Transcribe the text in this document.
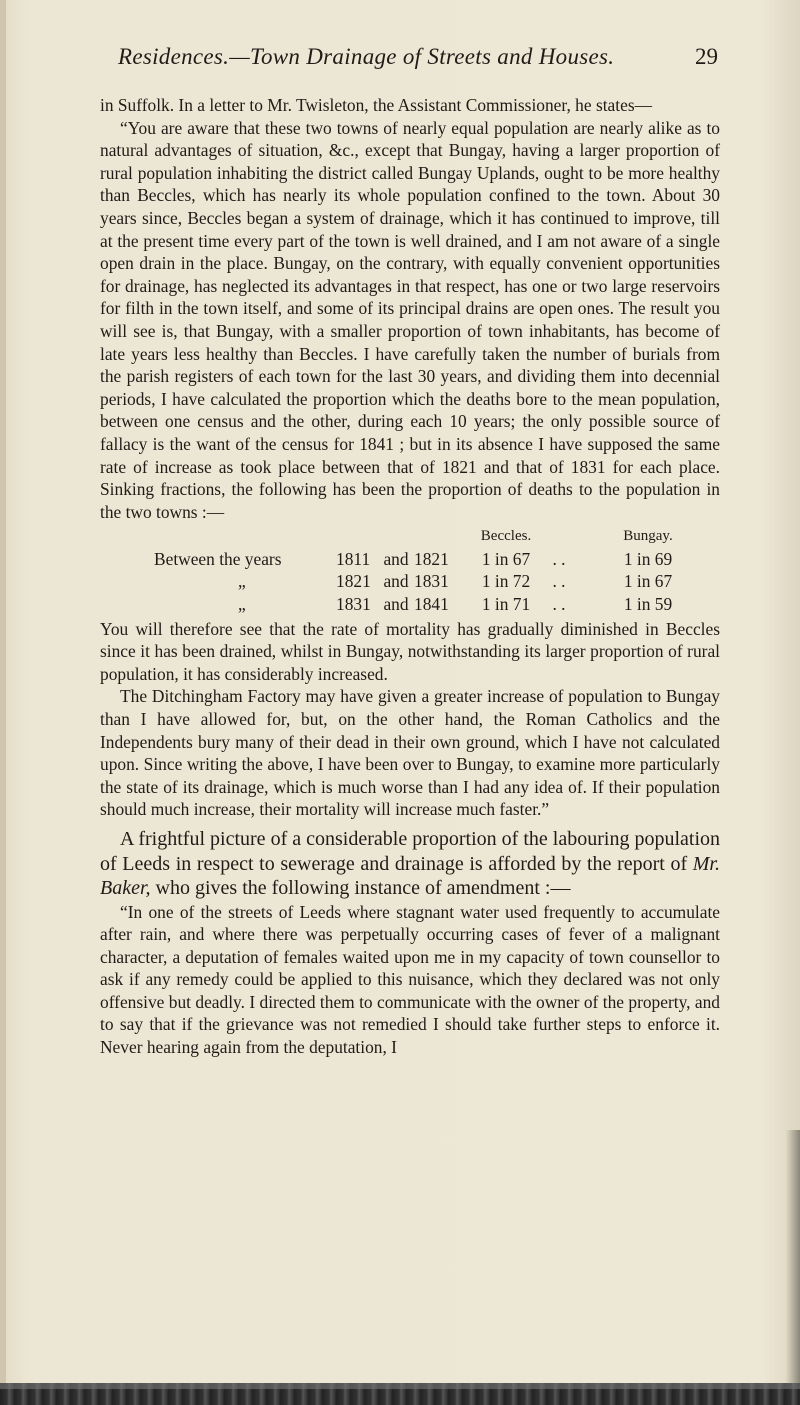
Residences.—Town Drainage of Streets and Houses.	29

in Suffolk. In a letter to Mr. Twisleton, the Assistant Commissioner, he states—

“You are aware that these two towns of nearly equal population are nearly alike as to natural advantages of situation, &c., except that Bungay, having a larger proportion of rural population inhabiting the district called Bungay Uplands, ought to be more healthy than Beccles, which has nearly its whole population confined to the town. About 30 years since, Beccles began a system of drainage, which it has continued to improve, till at the present time every part of the town is well drained, and I am not aware of a single open drain in the place. Bungay, on the contrary, with equally convenient opportunities for drainage, has neglected its advantages in that respect, has one or two large reservoirs for filth in the town itself, and some of its principal drains are open ones. The result you will see is, that Bungay, with a smaller proportion of town inhabitants, has become of late years less healthy than Beccles. I have carefully taken the number of burials from the parish registers of each town for the last 30 years, and dividing them into decennial periods, I have calculated the proportion which the deaths bore to the mean population, between one census and the other, during each 10 years; the only possible source of fallacy is the want of the census for 1841 ; but in its absence I have supposed the same rate of increase as took place between that of 1821 and that of 1831 for each place. Sinking fractions, the following has been the proportion of deaths to the population in the two towns :—

					Beccles.		Bungay.
Between the years	1811	and	1821		1 in 67	. .	1 in 69
„	1821	and	1831		1 in 72	. .	1 in 67
„	1831	and	1841		1 in 71	. .	1 in 59

You will therefore see that the rate of mortality has gradually diminished in Beccles since it has been drained, whilst in Bungay, notwithstanding its larger proportion of rural population, it has considerably increased.

The Ditchingham Factory may have given a greater increase of population to Bungay than I have allowed for, but, on the other hand, the Roman Catholics and the Independents bury many of their dead in their own ground, which I have not calculated upon. Since writing the above, I have been over to Bungay, to examine more particularly the state of its drainage, which is much worse than I had any idea of. If their population should much increase, their mortality will increase much faster.”

A frightful picture of a considerable proportion of the labouring population of Leeds in respect to sewerage and drainage is afforded by the report of Mr. Baker, who gives the following instance of amendment :—

“In one of the streets of Leeds where stagnant water used frequently to accumulate after rain, and where there was perpetually occurring cases of fever of a malignant character, a deputation of females waited upon me in my capacity of town counsellor to ask if any remedy could be applied to this nuisance, which they declared was not only offensive but deadly. I directed them to communicate with the owner of the property, and to say that if the grievance was not remedied I should take further steps to enforce it. Never hearing again from the deputation, I
